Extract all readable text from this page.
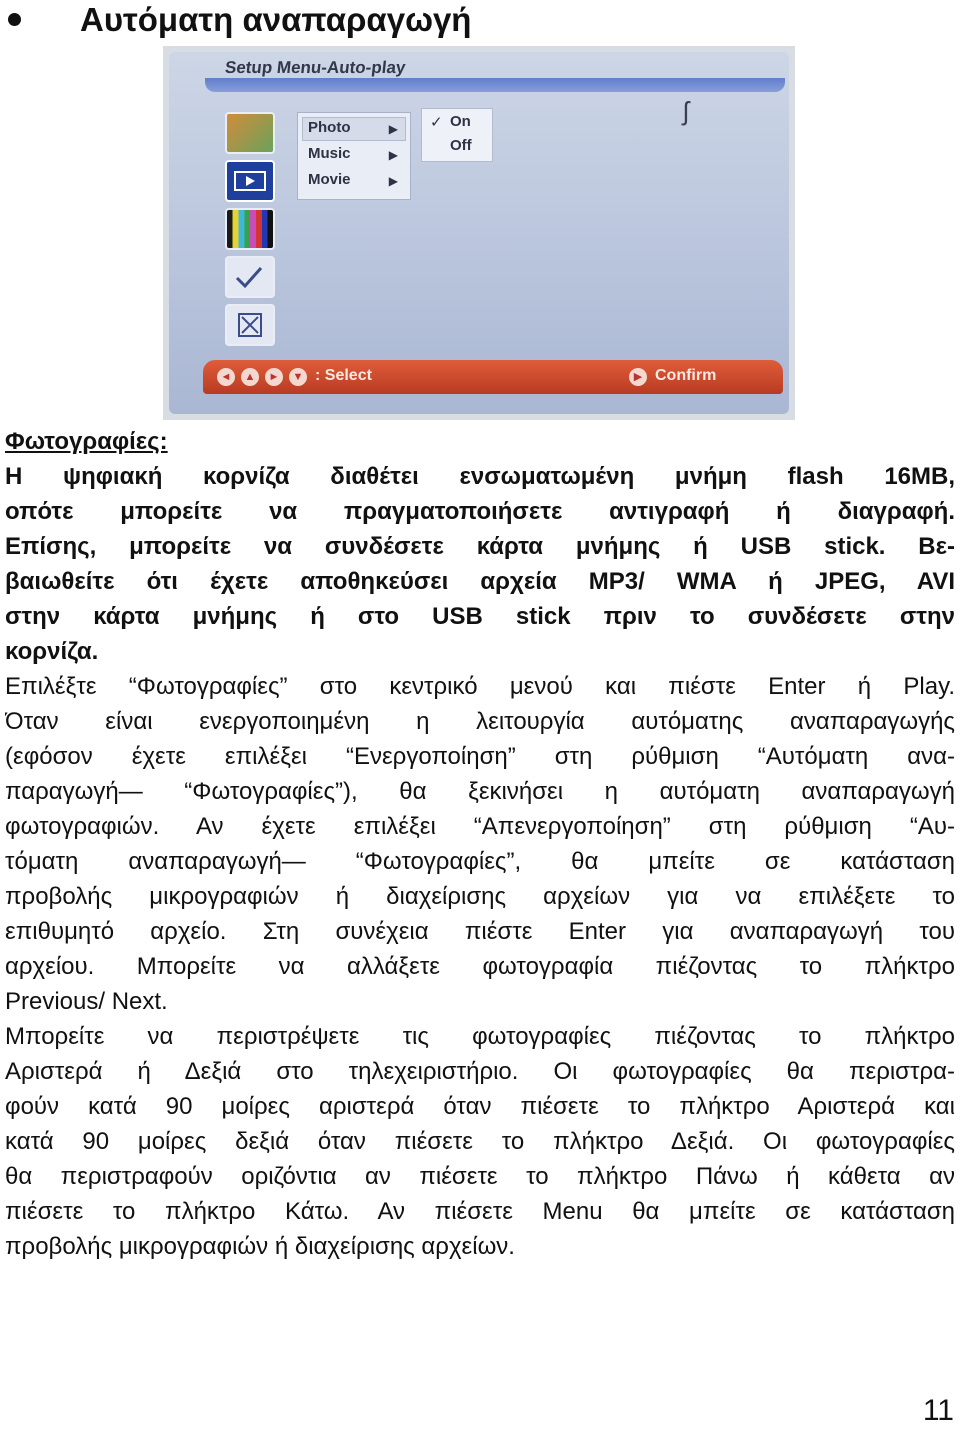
Αυτόματη αναπαραγωγή
Setup Menu-Auto-play
Photo	▶
Music	▶
Movie	▶
✓ On
Off
ʃ
◄	▲	►	▼ : Select	▶ Confirm
Φωτογραφίες:
Η ψηφιακή κορνίζα διαθέτει ενσωματωμένη μνήμη flash 16MB,
οπότε μπορείτε να πραγματοποιήσετε αντιγραφή ή διαγραφή.
Επίσης, μπορείτε να συνδέσετε κάρτα μνήμης ή USB stick. Βε-
βαιωθείτε ότι έχετε αποθηκεύσει αρχεία MP3/ WMA ή JPEG, AVI
στην κάρτα μνήμης ή στο USB stick πριν το συνδέσετε στην
κορνίζα.
Επιλέξτε “Φωτογραφίες” στο κεντρικό μενού και πιέστε Enter ή Play.
Όταν είναι ενεργοποιημένη η λειτουργία αυτόματης αναπαραγωγής
(εφόσον έχετε επιλέξει “Ενεργοποίηση” στη ρύθμιση “Αυτόματη ανα-
παραγωγή— “Φωτογραφίες”), θα ξεκινήσει η αυτόματη αναπαραγωγή
φωτογραφιών. Αν έχετε επιλέξει “Απενεργοποίηση” στη ρύθμιση “Αυ-
τόματη αναπαραγωγή— “Φωτογραφίες”, θα μπείτε σε κατάσταση
προβολής μικρογραφιών ή διαχείρισης αρχείων για να επιλέξετε το
επιθυμητό αρχείο. Στη συνέχεια πιέστε Enter για αναπαραγωγή του
αρχείου. Μπορείτε να αλλάξετε φωτογραφία πιέζοντας το πλήκτρο
Previous/ Next.
Μπορείτε να περιστρέψετε τις φωτογραφίες πιέζοντας το πλήκτρο
Αριστερά ή Δεξιά στο τηλεχειριστήριο. Οι φωτογραφίες θα περιστρα-
φούν κατά 90 μοίρες αριστερά όταν πιέσετε το πλήκτρο Αριστερά και
κατά 90 μοίρες δεξιά όταν πιέσετε το πλήκτρο Δεξιά. Οι φωτογραφίες
θα περιστραφούν οριζόντια αν πιέσετε το πλήκτρο Πάνω ή κάθετα αν
πιέσετε το πλήκτρο Κάτω. Αν πιέσετε Menu θα μπείτε σε κατάσταση
προβολής μικρογραφιών ή διαχείρισης αρχείων.
11
